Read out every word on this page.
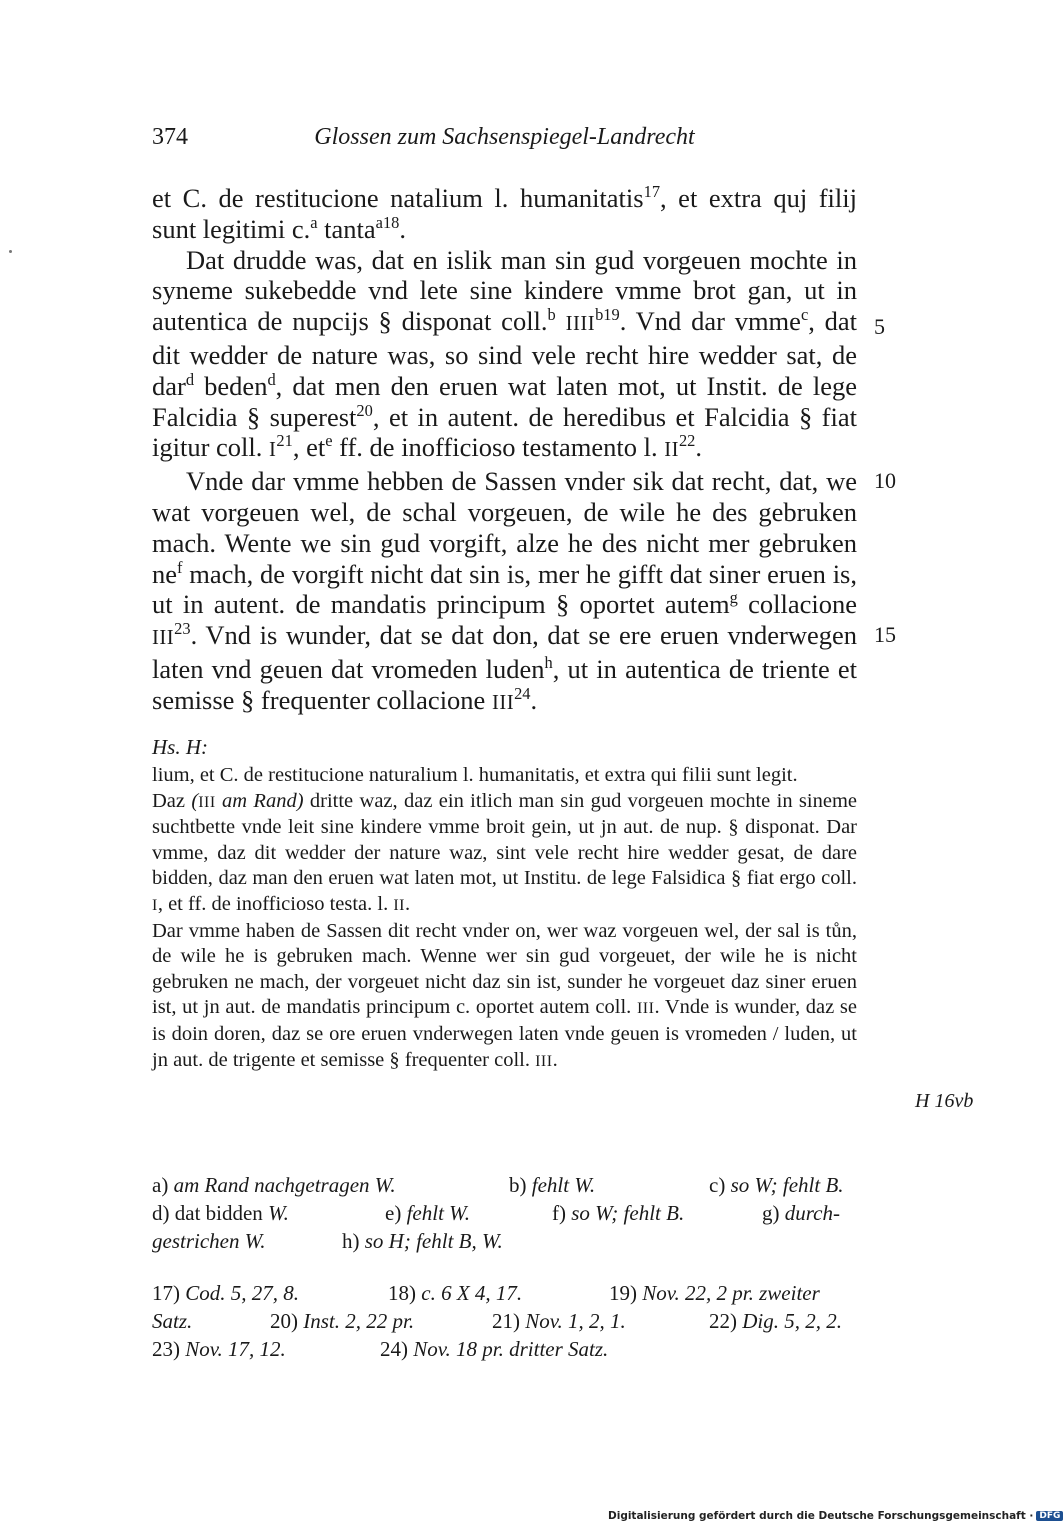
374	Glossen zum Sachsenspiegel-Landrecht

et C. de restitucione natalium l. humanitatis$^{17}$, et extra quj filij sunt legitimi c.$^a$ tanta$^{a18}$.

Dat drudde was, dat en islik man sin gud vorgeuen mochte in syneme sukebedde vnd lete sine kindere vmme brot gan, ut in autentica de nupcijs § disponat coll.$^b$ $IIII^{b19}$. Vnd dar vmme$^c$, dat dit wedder de nature was, so sind vele recht hire wedder sat, de dar$^d$ beden$^d$, dat men den eruen wat laten mot, ut Instit. de lege Falcidia § superest$^{20}$, et in autent. de heredibus et Falcidia § fiat igitur coll. $I^{21}$, $et^e$ ff. de inofficioso testamento l. II$^{22}$.

Vnde dar vmme hebben de Sassen vnder sik dat recht, dat, we wat vorgeuen wel, de schal vorgeuen, de wile he des gebruken mach. Wente we sin gud vorgift, alze he des nicht mer gebruken $ne^f$ mach, de vorgift nicht dat sin is, mer he gifft dat siner eruen is, ut in autent. de mandatis principum § oportet autem$^g$ collacione III$^{23}$. Vnd is wunder, dat se dat don, dat se ere eruen vnderwegen laten vnd geuen dat vromeden luden$^h$, ut in autentica de triente et semisse § frequenter collacione III$^{24}$.

5
10
15
Hs. H:

lium, et C. de restitucione naturalium l. humanitatis, et extra qui filii sunt legit.

Daz (III am Rand) dritte waz, daz ein itlich man sin gud vorgeuen mochte in sineme suchtbette vnde leit sine kindere vmme broit gein, ut jn aut. de nup. § disponat. Dar vmme, daz dit wedder der nature waz, sint vele recht hire wedder gesat, de dare bidden, daz man den eruen wat laten mot, ut Institu. de lege Falsidica § fiat ergo coll. I, et ff. de inofficioso testa. l. II.

Dar vmme haben de Sassen dit recht vnder on, wer waz vorgeuen wel, der sal is tůn, de wile he is gebruken mach. Wenne wer sin gud vorgeuet, der wile he is nicht gebruken ne mach, der vorgeuet nicht daz sin ist, sunder he vorgeuet daz siner eruen ist, ut jn aut. de mandatis principum c. oportet autem coll. III. Vnde is wunder, daz se is doin doren, daz se ore eruen vnderwegen laten vnde geuen is vromeden / luden, ut jn aut. de trigente et semisse § frequenter coll. III.

H 16vb
a) am Rand nachgetragen W.	b) fehlt W.	c) so W; fehlt B.
d) dat bidden W.	e) fehlt W.	f) so W; fehlt B.	g) durch-
gestrichen W.	h) so H; fehlt B, W.
17) Cod. 5, 27, 8.	18) c. 6 X 4, 17.	19) Nov. 22, 2 pr. zweiter
Satz.	20) Inst. 2, 22 pr.	21) Nov. 1, 2, 1.	22) Dig. 5, 2, 2.
23) Nov. 17, 12.	24) Nov. 18 pr. dritter Satz.
Digitalisierung gefördert durch die Deutsche Forschungsgemeinschaft · DFG
